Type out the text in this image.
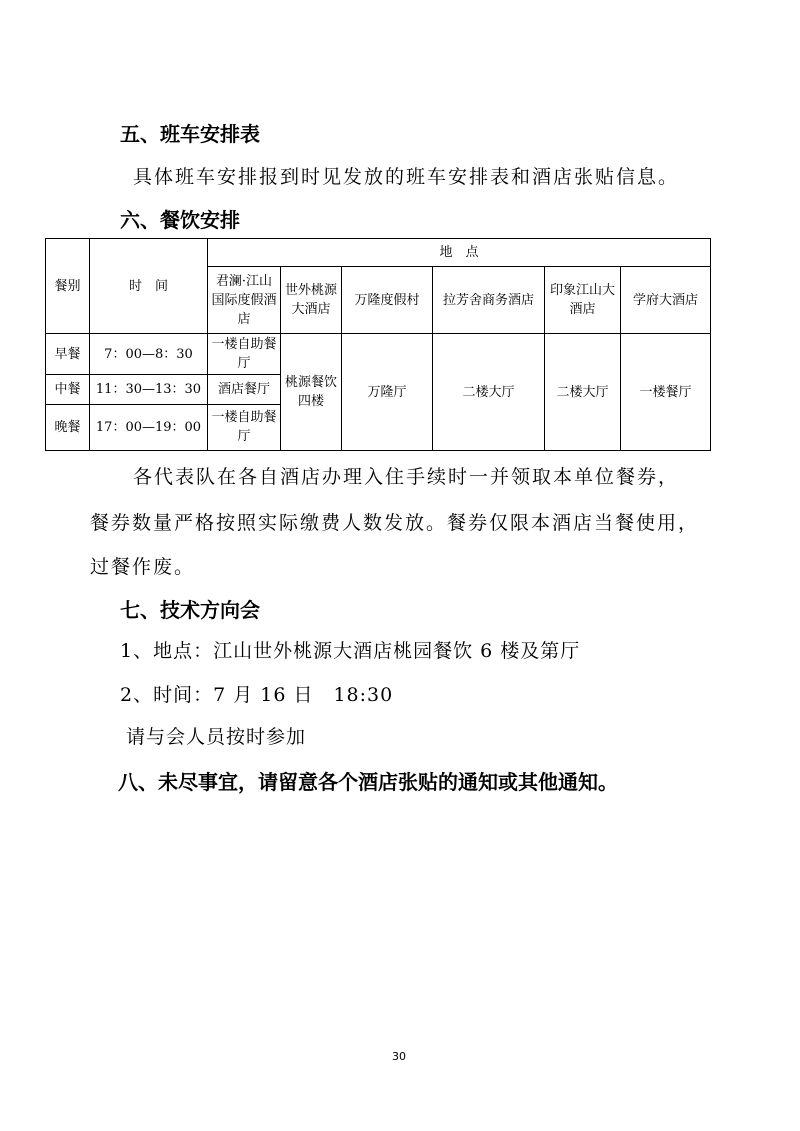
五、班车安排表
具体班车安排报到时见发放的班车安排表和酒店张贴信息。
六、餐饮安排
餐别	时　间	地　点					
		君澜·江山国际度假酒店	世外桃源大酒店	万隆度假村	拉芳舍商务酒店	印象江山大酒店	学府大酒店
早餐	7：00—8：30	一楼自助餐厅	桃源餐饮四楼	万隆厅	二楼大厅	二楼大厅	一楼餐厅
中餐	11：30—13：30	酒店餐厅					
晚餐	17：00—19：00	一楼自助餐厅					
各代表队在各自酒店办理入住手续时一并领取本单位餐券，
餐券数量严格按照实际缴费人数发放。餐券仅限本酒店当餐使用，
过餐作废。
七、技术方向会
1、地点：江山世外桃源大酒店桃园餐饮 6 楼及第厅
2、时间：7 月 16 日　18:30
请与会人员按时参加
八、未尽事宜，请留意各个酒店张贴的通知或其他通知。
30
